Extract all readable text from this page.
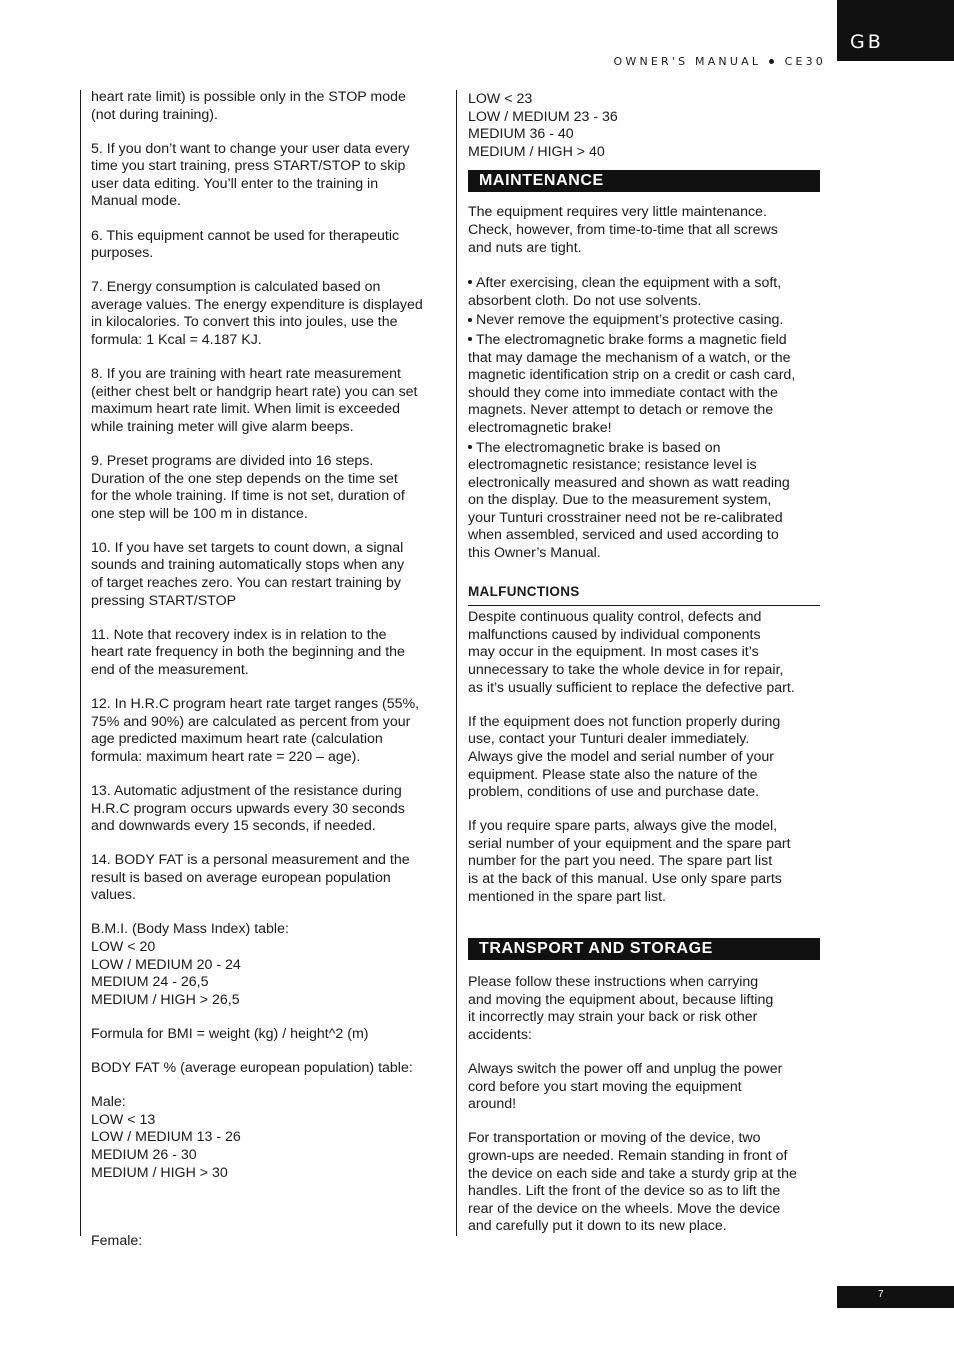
GB
OWNER'S MANUAL CE30

heart rate limit) is possible only in the STOP mode
(not during training).

5. If you don’t want to change your user data every
time you start training, press START/STOP to skip
user data editing. You’ll enter to the training in
Manual mode.

6. This equipment cannot be used for therapeutic
purposes.

7. Energy consumption is calculated based on
average values. The energy expenditure is displayed
in kilocalories. To convert this into joules, use the
formula: 1 Kcal = 4.187 KJ.

8. If you are training with heart rate measurement
(either chest belt or handgrip heart rate) you can set
maximum heart rate limit. When limit is exceeded
while training meter will give alarm beeps.

9. Preset programs are divided into 16 steps.
Duration of the one step depends on the time set
for the whole training. If time is not set, duration of
one step will be 100 m in distance.

10. If you have set targets to count down, a signal
sounds and training automatically stops when any
of target reaches zero. You can restart training by
pressing START/STOP

11. Note that recovery index is in relation to the
heart rate frequency in both the beginning and the
end of the measurement.

12. In H.R.C program heart rate target ranges (55%,
75% and 90%) are calculated as percent from your
age predicted maximum heart rate (calculation
formula: maximum heart rate = 220 – age).

13. Automatic adjustment of the resistance during
H.R.C program occurs upwards every 30 seconds
and downwards every 15 seconds, if needed.

14. BODY FAT is a personal measurement and the
result is based on average european population
values.

B.M.I. (Body Mass Index) table:
LOW < 20
LOW / MEDIUM 20 - 24
MEDIUM 24 - 26,5
MEDIUM / HIGH > 26,5

Formula for BMI = weight (kg) / height^2 (m)

BODY FAT % (average european population) table:

Male:
LOW < 13
LOW / MEDIUM 13 - 26
MEDIUM 26 - 30
MEDIUM / HIGH > 30

Female:

LOW < 23
LOW / MEDIUM 23 - 36
MEDIUM 36 - 40
MEDIUM / HIGH > 40

MAINTENANCE

The equipment requires very little maintenance.
Check, however, from time-to-time that all screws
and nuts are tight.

After exercising, clean the equipment with a soft,
absorbent cloth. Do not use solvents.

Never remove the equipment’s protective casing.

The electromagnetic brake forms a magnetic field
that may damage the mechanism of a watch, or the
magnetic identification strip on a credit or cash card,
should they come into immediate contact with the
magnets. Never attempt to detach or remove the
electromagnetic brake!

The electromagnetic brake is based on
electromagnetic resistance; resistance level is
electronically measured and shown as watt reading
on the display. Due to the measurement system,
your Tunturi crosstrainer need not be re-calibrated
when assembled, serviced and used according to
this Owner’s Manual.

MALFUNCTIONS

Despite continuous quality control, defects and
malfunctions caused by individual components
may occur in the equipment. In most cases it’s
unnecessary to take the whole device in for repair,
as it’s usually sufficient to replace the defective part.

If the equipment does not function properly during
use, contact your Tunturi dealer immediately.
Always give the model and serial number of your
equipment. Please state also the nature of the
problem, conditions of use and purchase date.

If you require spare parts, always give the model,
serial number of your equipment and the spare part
number for the part you need. The spare part list
is at the back of this manual. Use only spare parts
mentioned in the spare part list.

TRANSPORT AND STORAGE

Please follow these instructions when carrying
and moving the equipment about, because lifting
it incorrectly may strain your back or risk other
accidents:

Always switch the power off and unplug the power
cord before you start moving the equipment
around!

For transportation or moving of the device, two
grown-ups are needed. Remain standing in front of
the device on each side and take a sturdy grip at the
handles. Lift the front of the device so as to lift the
rear of the device on the wheels. Move the device
and carefully put it down to its new place.

7
